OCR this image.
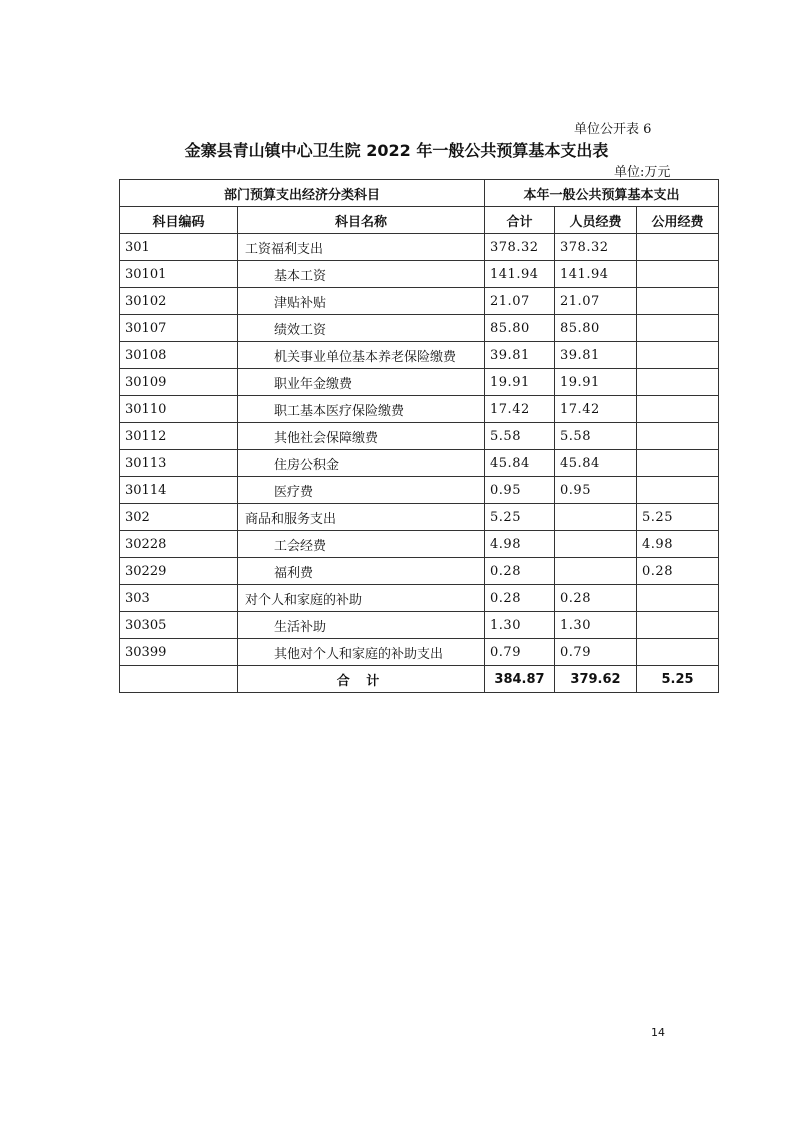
单位公开表 6
金寨县青山镇中心卫生院 2022 年一般公共预算基本支出表
单位:万元
部门预算支出经济分类科目		本年一般公共预算基本支出		
科目编码	科目名称	合计	人员经费	公用经费
301	工资福利支出	378.32	378.32	
30101	基本工资	141.94	141.94	
30102	津贴补贴	21.07	21.07	
30107	绩效工资	85.80	85.80	
30108	机关事业单位基本养老保险缴费	39.81	39.81	
30109	职业年金缴费	19.91	19.91	
30110	职工基本医疗保险缴费	17.42	17.42	
30112	其他社会保障缴费	5.58	5.58	
30113	住房公积金	45.84	45.84	
30114	医疗费	0.95	0.95	
302	商品和服务支出	5.25		5.25
30228	工会经费	4.98		4.98
30229	福利费	0.28		0.28
303	对个人和家庭的补助	0.28	0.28	
30305	生活补助	1.30	1.30	
30399	其他对个人和家庭的补助支出	0.79	0.79	
	合 计	384.87	379.62	5.25
14
